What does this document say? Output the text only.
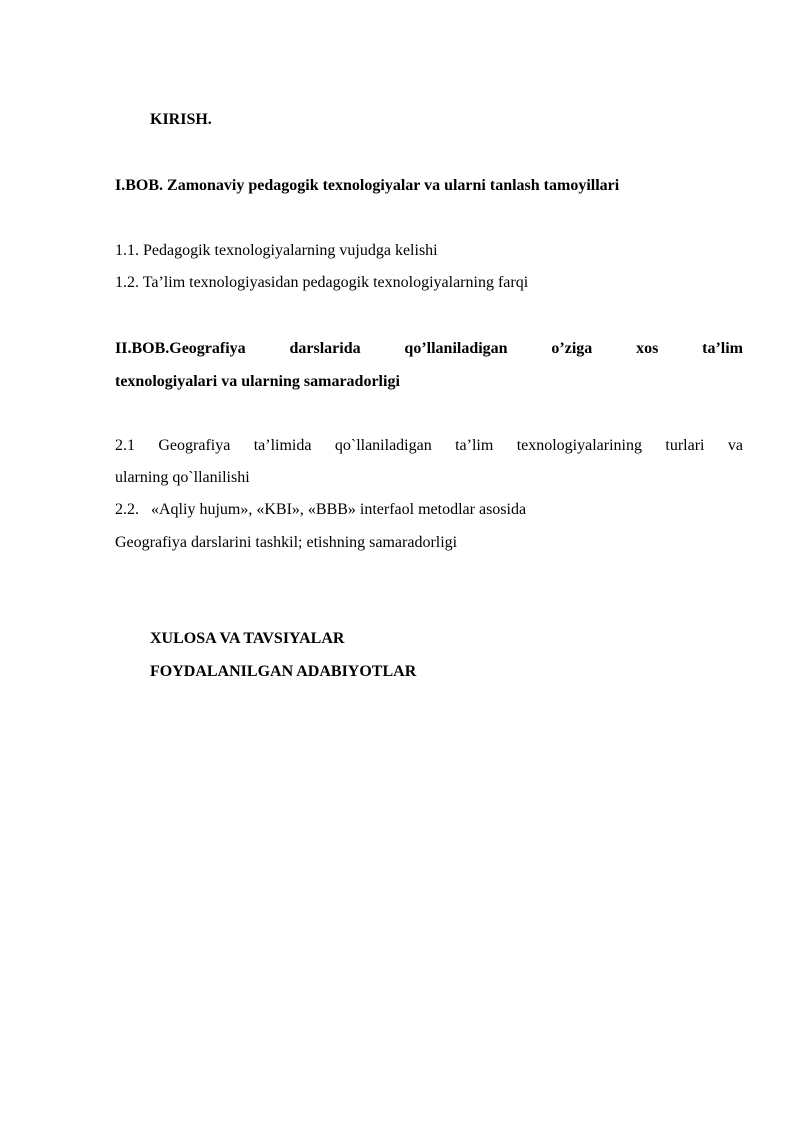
KIRISH.
I.BOB. Zamonaviy pedagogik texnologiyalar va ularni tanlash tamoyillari
1.1. Pedagogik texnologiyalarning vujudga kelishi
1.2. Ta’lim texnologiyasidan pedagogik texnologiyalarning farqi
II.BOB.Geografiya	darslarida	qo’llaniladigan	o’ziga	xos	ta’lim
texnologiyalari va ularning samaradorligi
2.1 Geografiya ta’limida qo`llaniladigan ta’lim texnologiyalarining turlari va
ularning qo`llanilishi
2.2.   «Aqliy hujum», «KBI», «BBB» interfaol metodlar asosida
Geografiya darslarini tashkil; etishning samaradorligi
XULOSA VA TAVSIYALAR
FOYDALANILGAN ADABIYOTLAR
